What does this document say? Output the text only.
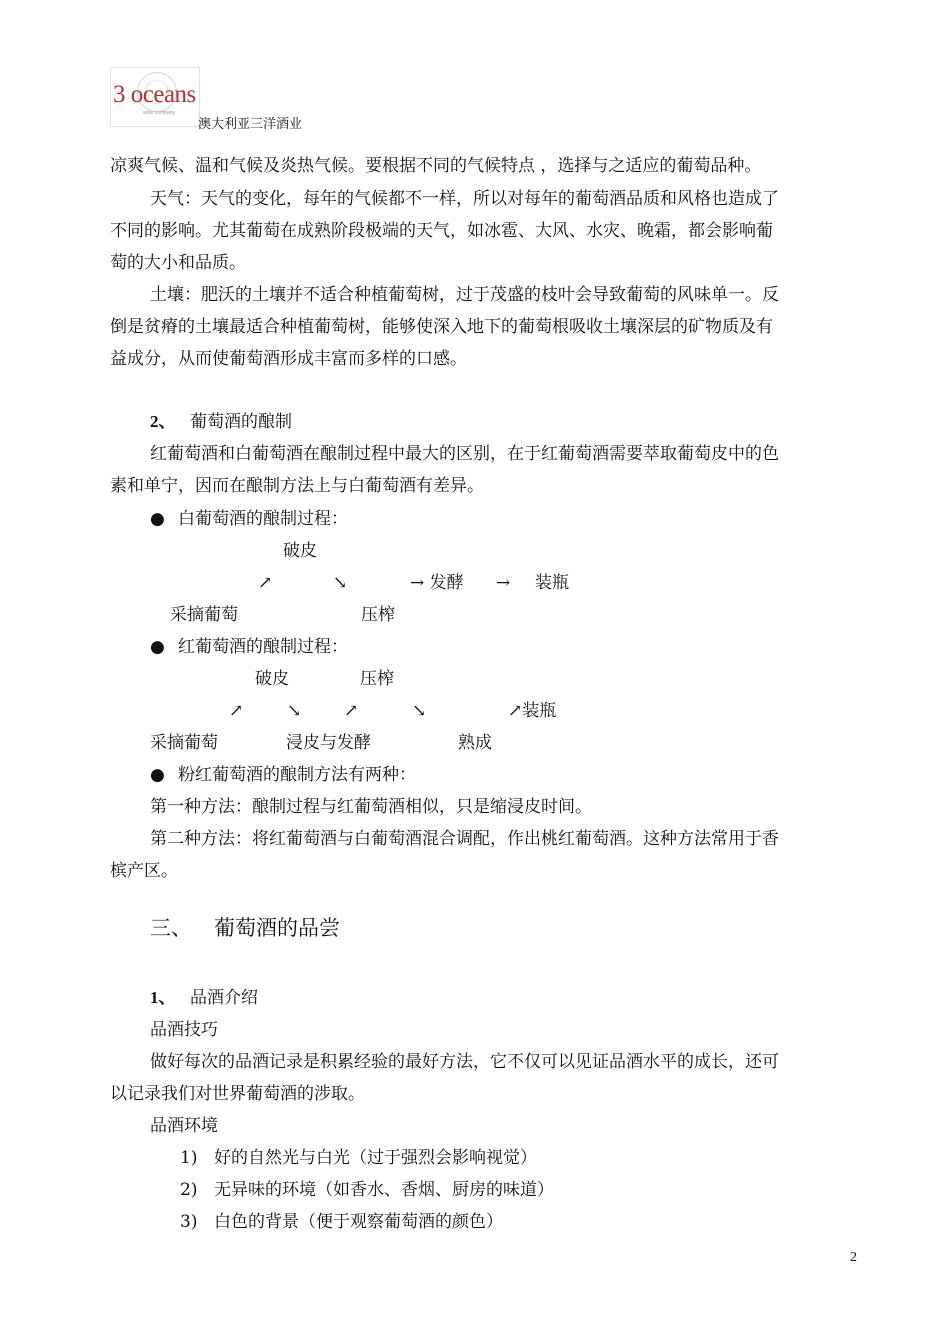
3 oceans
wine company
澳大利亚三洋酒业
凉爽气候、温和气候及炎热气候。要根据不同的气候特点 ，选择与之适应的葡萄品种。
天气：天气的变化，每年的气候都不一样，所以对每年的葡萄酒品质和风格也造成了
不同的影响。尤其葡萄在成熟阶段极端的天气，如冰雹、大风、水灾、晚霜，都会影响葡
萄的大小和品质。
土壤：肥沃的土壤并不适合种植葡萄树，过于茂盛的枝叶会导致葡萄的风味单一。反
倒是贫瘠的土壤最适合种植葡萄树，能够使深入地下的葡萄根吸收土壤深层的矿物质及有
益成分，从而使葡萄酒形成丰富而多样的口感。
2、 葡萄酒的酿制
红葡萄酒和白葡萄酒在酿制过程中最大的区别，在于红葡萄酒需要萃取葡萄皮中的色
素和单宁，因而在酿制方法上与白葡萄酒有差异。
● 白葡萄酒的酿制过程：
破皮
↗	↘	→ 发酵 → 装瓶
采摘葡萄	压榨
● 红葡萄酒的酿制过程：
破皮	压榨
↗	↘	↗	↘	↗装瓶
采摘葡萄	浸皮与发酵	熟成
● 粉红葡萄酒的酿制方法有两种：
第一种方法：酿制过程与红葡萄酒相似，只是缩浸皮时间。
第二种方法：将红葡萄酒与白葡萄酒混合调配，作出桃红葡萄酒。这种方法常用于香
槟产区。
三、 葡萄酒的品尝
1、 品酒介绍
品酒技巧
做好每次的品酒记录是积累经验的最好方法，它不仅可以见证品酒水平的成长，还可
以记录我们对世界葡萄酒的涉取。
品酒环境
1) 好的自然光与白光（过于强烈会影响视觉）
2) 无异味的环境（如香水、香烟、厨房的味道）
3) 白色的背景（便于观察葡萄酒的颜色）
2
